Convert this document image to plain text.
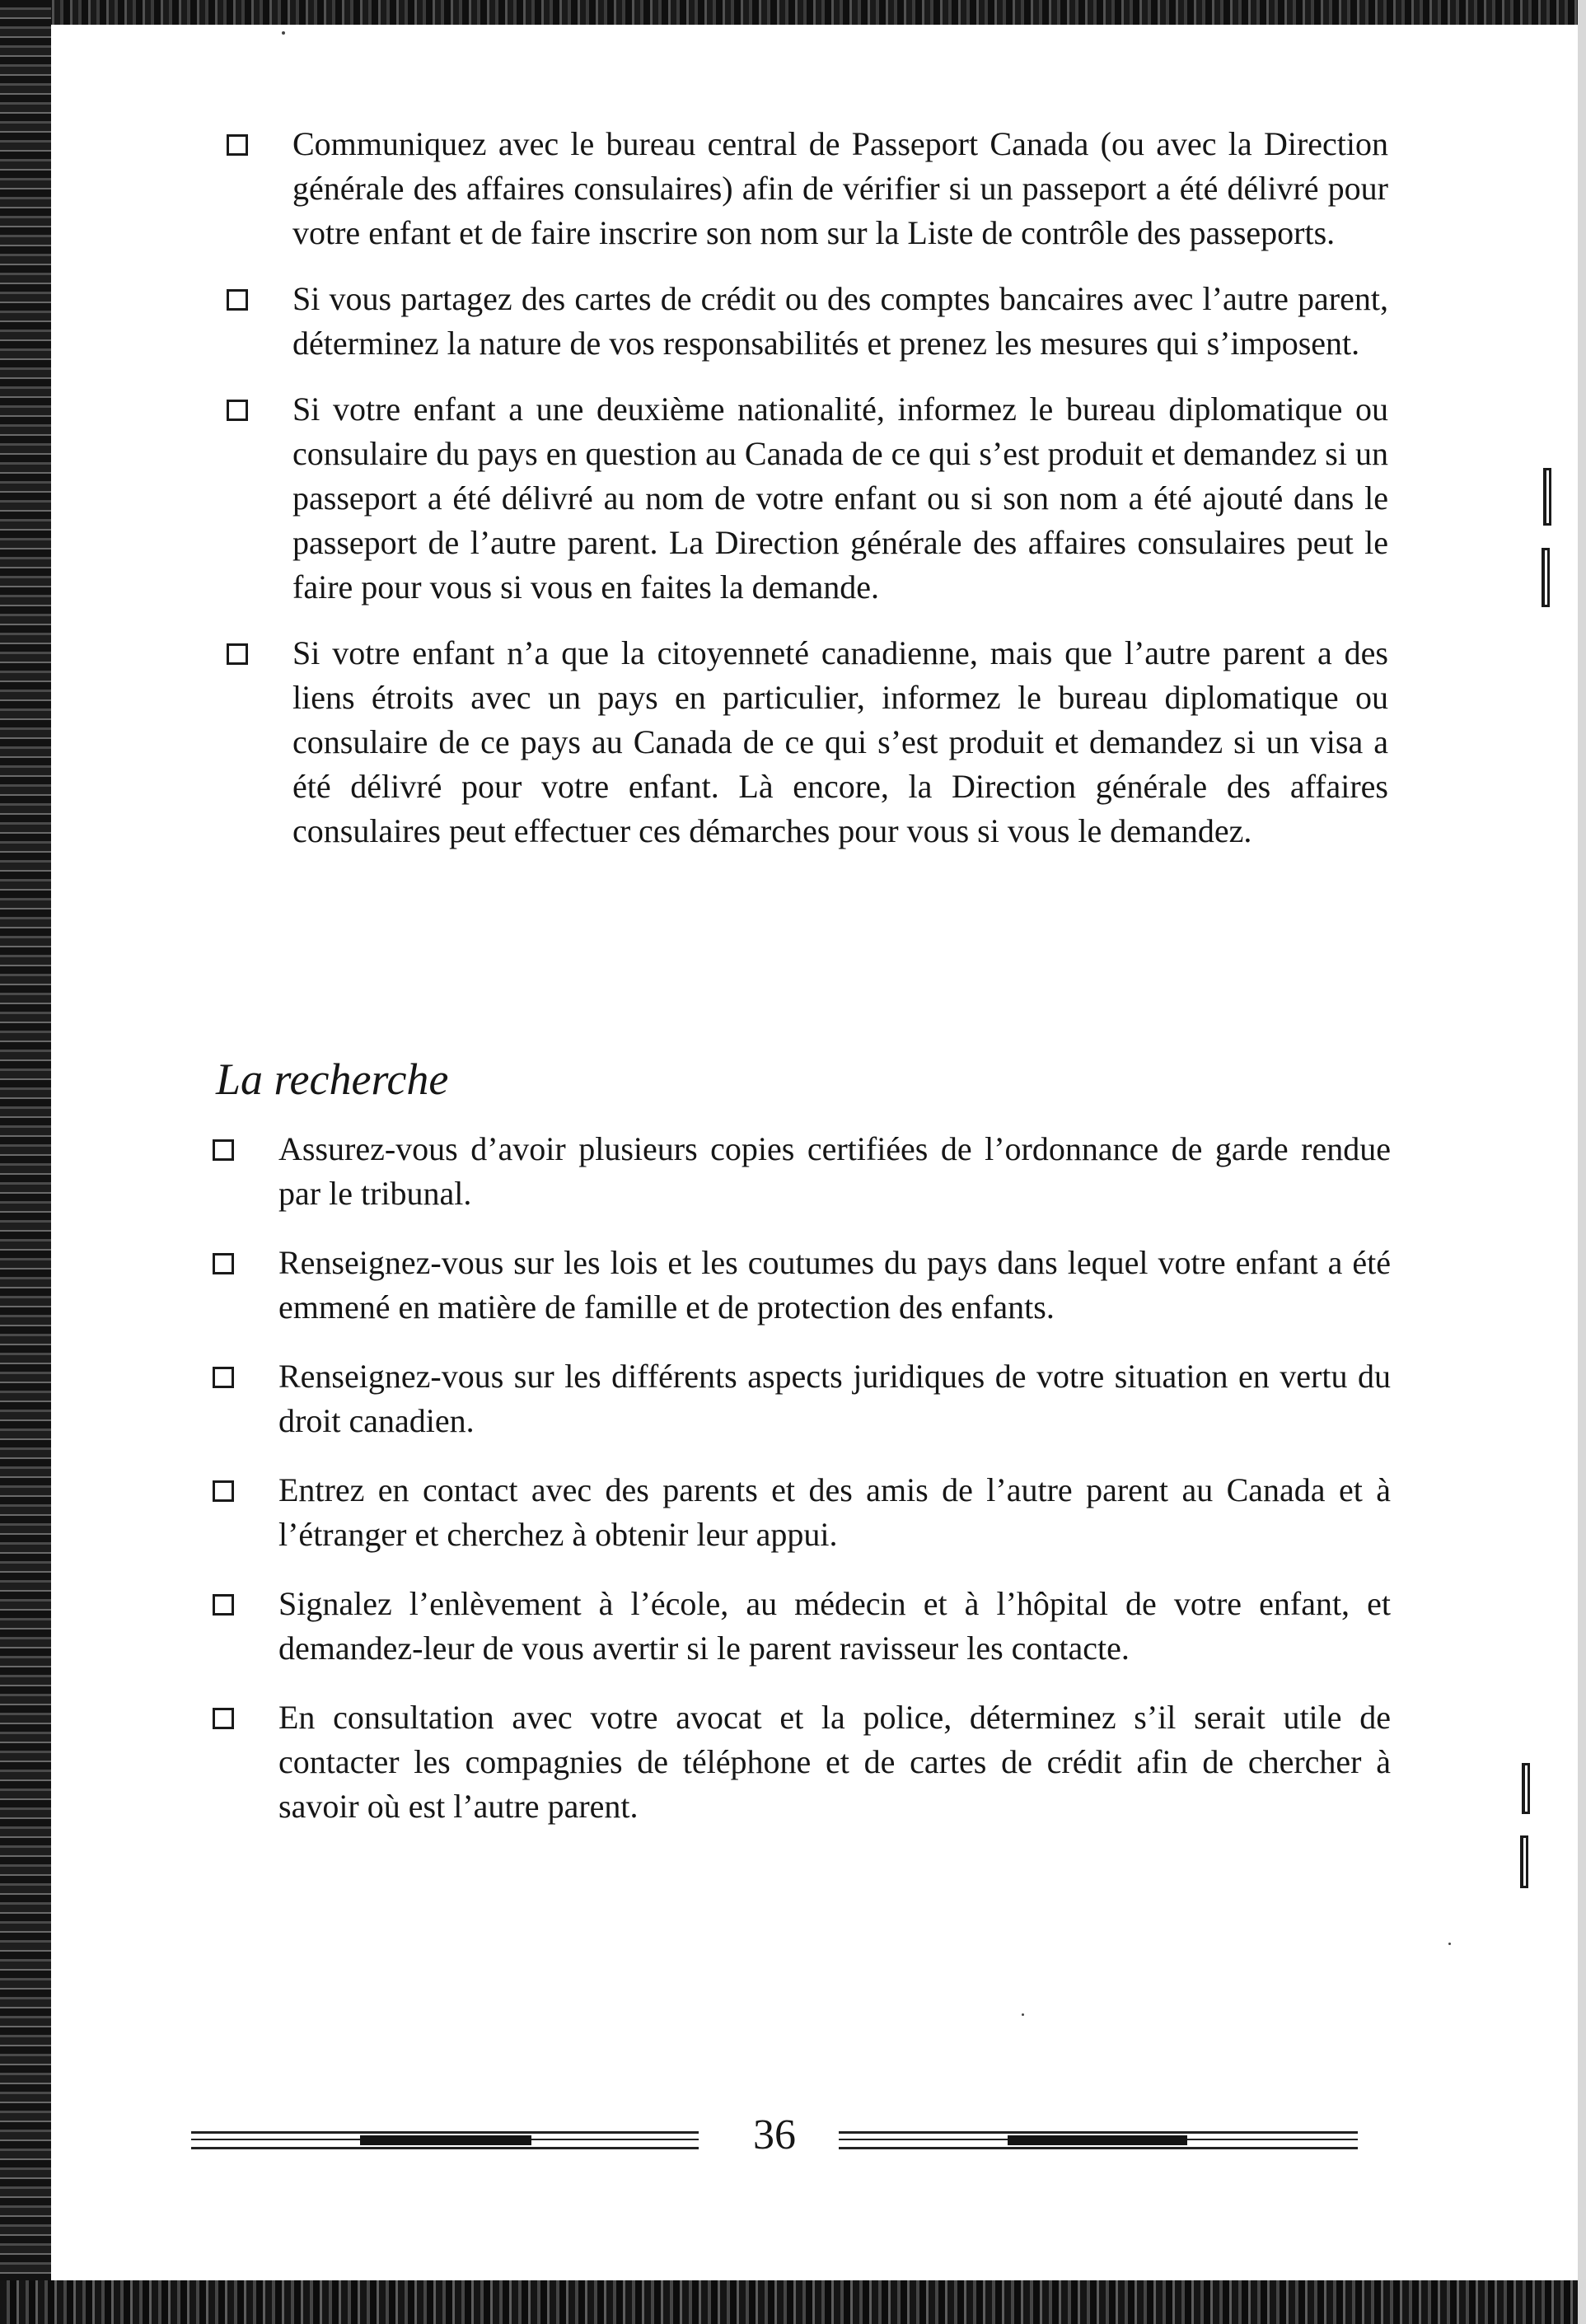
Communiquez avec le bureau central de Passeport Canada (ou avec la Direction générale des affaires consulaires) afin de vérifier si un passeport a été délivré pour votre enfant et de faire inscrire son nom sur la Liste de contrôle des passeports.
Si vous partagez des cartes de crédit ou des comptes bancaires avec l’autre parent, déterminez la nature de vos responsabilités et prenez les mesures qui s’imposent.
Si votre enfant a une deuxième nationalité, informez le bureau diplomatique ou consulaire du pays en question au Canada de ce qui s’est produit et demandez si un passeport a été délivré au nom de votre enfant ou si son nom a été ajouté dans le passeport de l’autre parent. La Direction générale des affaires consulaires peut le faire pour vous si vous en faites la demande.
Si votre enfant n’a que la citoyenneté canadienne, mais que l’autre parent a des liens étroits avec un pays en particulier, informez le bureau diplomatique ou consulaire de ce pays au Canada de ce qui s’est produit et demandez si un visa a été délivré pour votre enfant. Là encore, la Direction générale des affaires consulaires peut effectuer ces démarches pour vous si vous le demandez.
La recherche
Assurez-vous d’avoir plusieurs copies certifiées de l’ordonnance de garde rendue par le tribunal.
Renseignez-vous sur les lois et les coutumes du pays dans lequel votre enfant a été emmené en matière de famille et de protection des enfants.
Renseignez-vous sur les différents aspects juridiques de votre situation en vertu du droit canadien.
Entrez en contact avec des parents et des amis de l’autre parent au Canada et à l’étranger et cherchez à obtenir leur appui.
Signalez l’enlèvement à l’école, au médecin et à l’hôpital de votre enfant, et demandez-leur de vous avertir si le parent ravisseur les contacte.
En consultation avec votre avocat et la police, déterminez s’il serait utile de contacter les compagnies de téléphone et de cartes de crédit afin de chercher à savoir où est l’autre parent.
36
